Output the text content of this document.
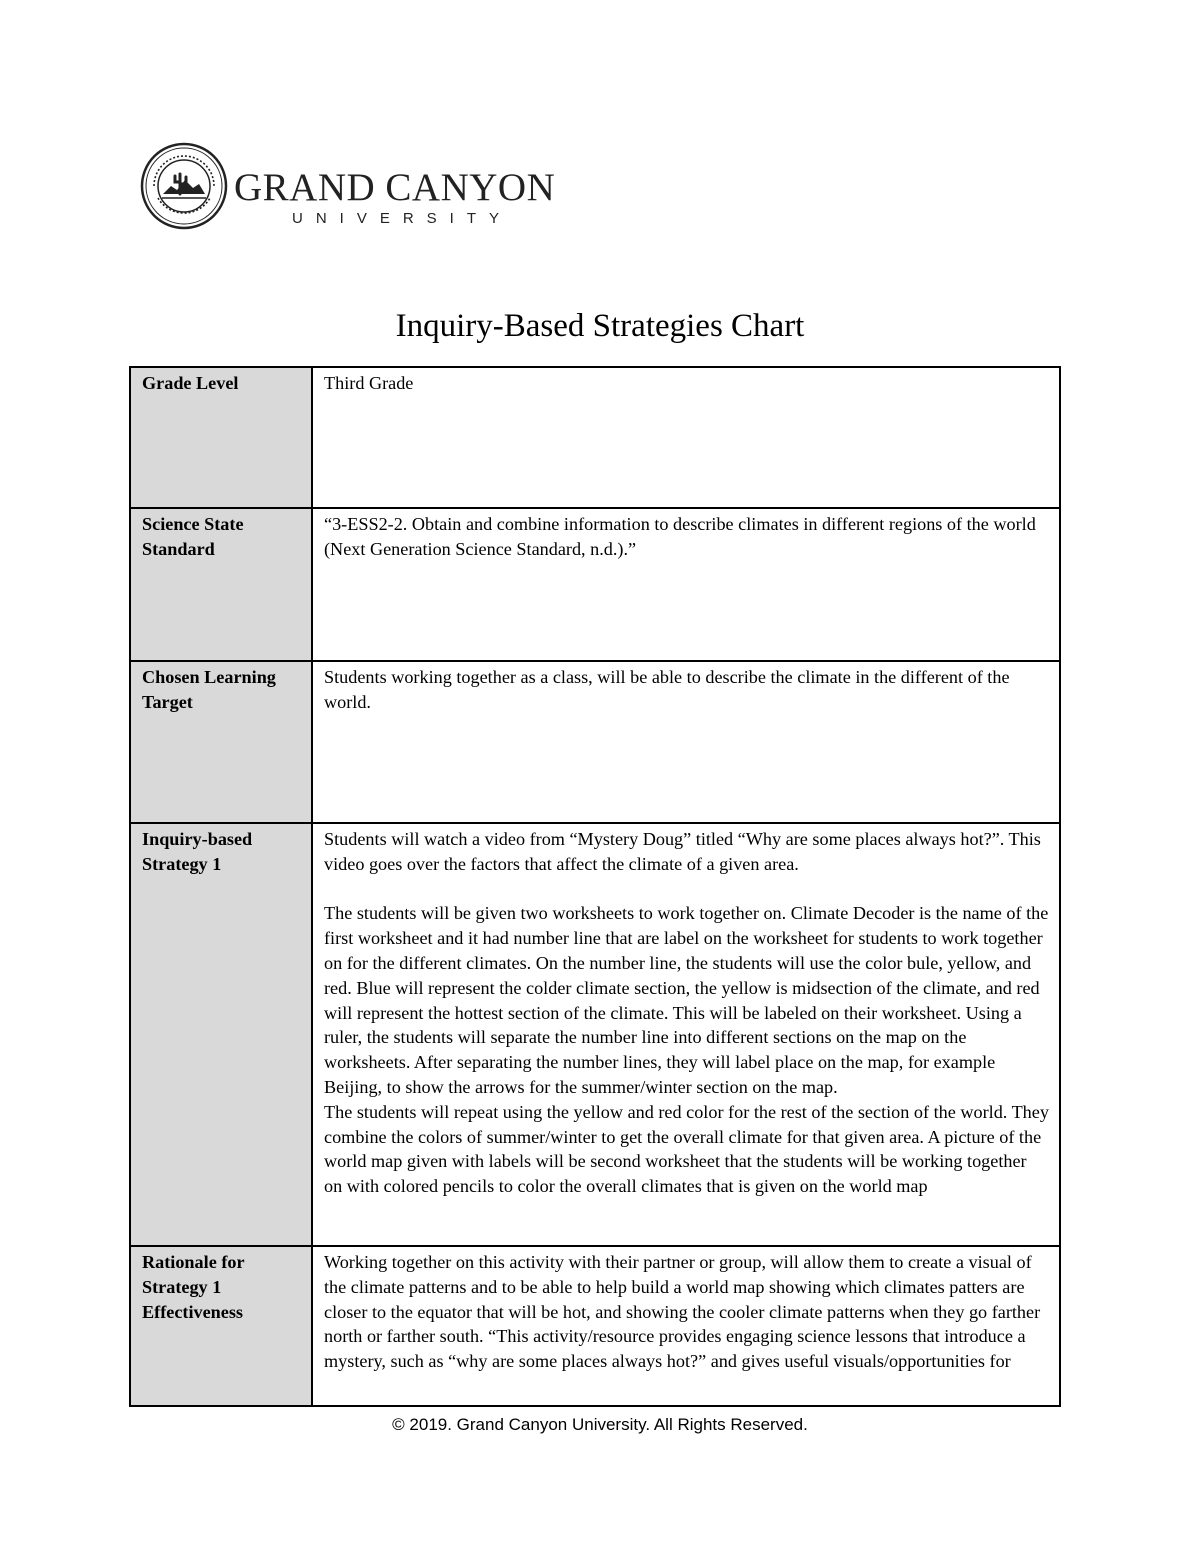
GRAND CANYON
UNIVERSITY
Inquiry-Based Strategies Chart
Grade Level	Third Grade

Science State Standard	“3-ESS2-2. Obtain and combine information to describe climates in different regions of the world (Next Generation Science Standard, n.d.).”

Chosen Learning Target	Students working together as a class, will be able to describe the climate in the different of the world.

Inquiry-based Strategy 1	Students will watch a video from “Mystery Doug” titled “Why are some places always hot?”. This video goes over the factors that affect the climate of a given area.

The students will be given two worksheets to work together on. Climate Decoder is the name of the first worksheet and it had number line that are label on the worksheet for students to work together on for the different climates. On the number line, the students will use the color bule, yellow, and red. Blue will represent the colder climate section, the yellow is midsection of the climate, and red will represent the hottest section of the climate. This will be labeled on their worksheet. Using a ruler, the students will separate the number line into different sections on the map on the worksheets. After separating the number lines, they will label place on the map, for example Beijing, to show the arrows for the summer/winter section on the map.

The students will repeat using the yellow and red color for the rest of the section of the world. They combine the colors of summer/winter to get the overall climate for that given area. A picture of the world map given with labels will be second worksheet that the students will be working together on with colored pencils to color the overall climates that is given on the world map

Rationale for Strategy 1 Effectiveness	Working together on this activity with their partner or group, will allow them to create a visual of the climate patterns and to be able to help build a world map showing which climates patters are closer to the equator that will be hot, and showing the cooler climate patterns when they go farther north or farther south. “This activity/resource provides engaging science lessons that introduce a mystery, such as “why are some places always hot?” and gives useful visuals/opportunities for

© 2019. Grand Canyon University. All Rights Reserved.
